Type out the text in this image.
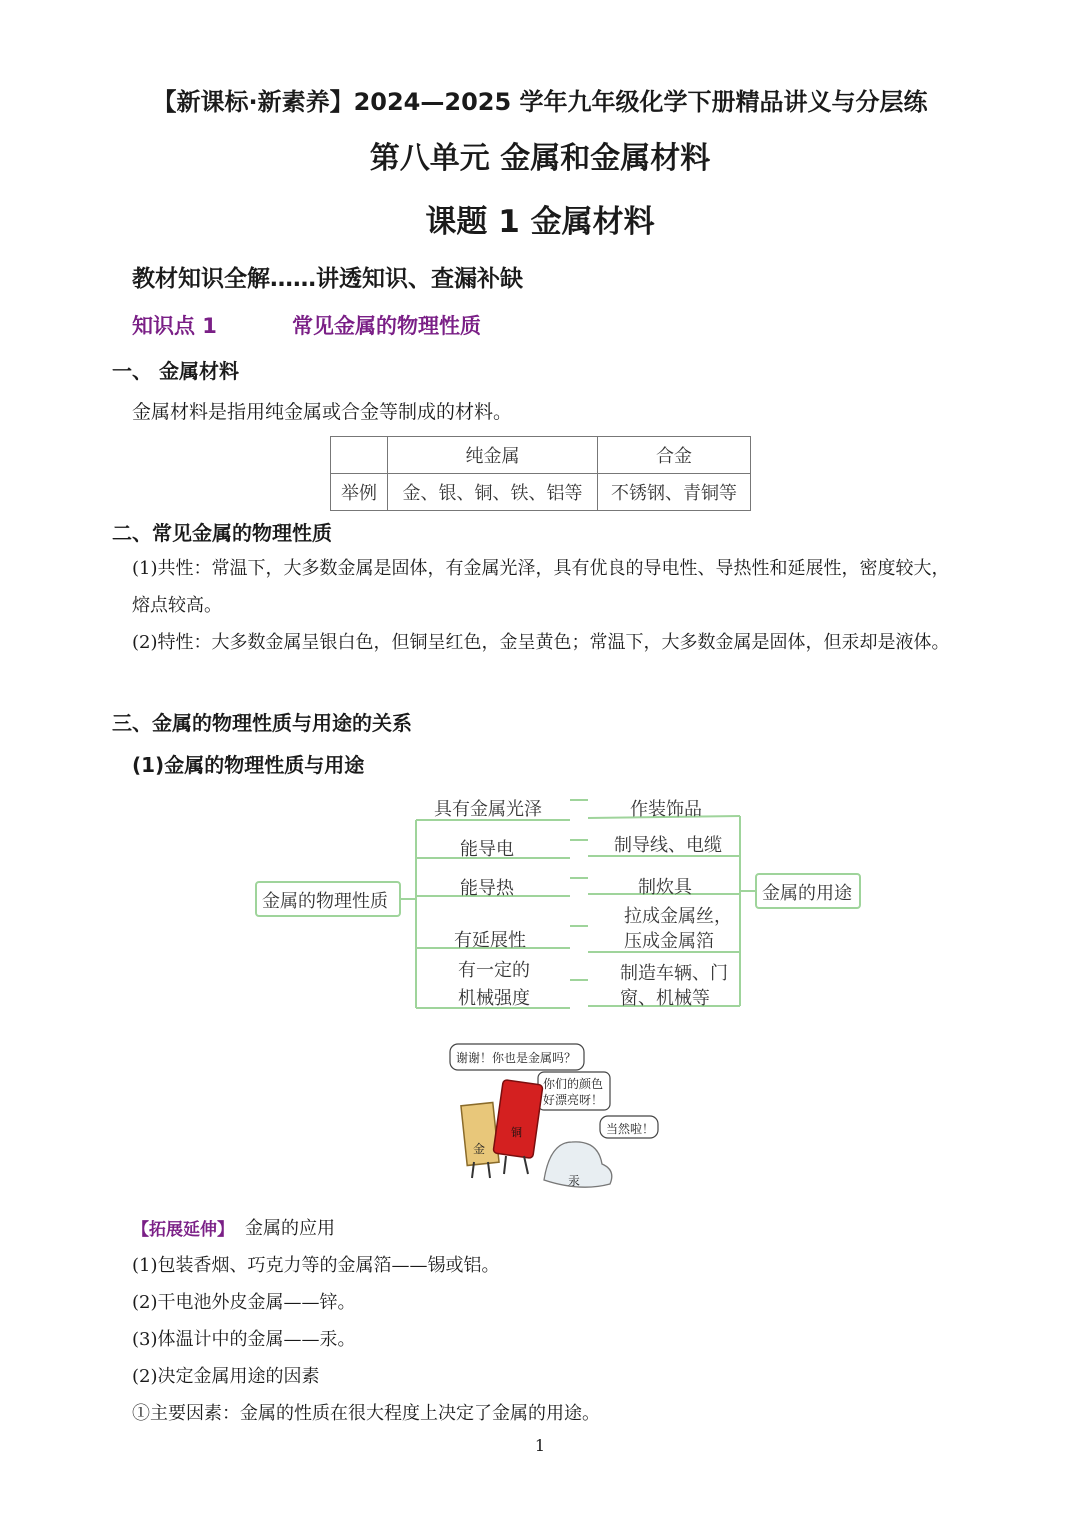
【新课标·新素养】2024—2025 学年九年级化学下册精品讲义与分层练
第八单元 金属和金属材料
课题 1 金属材料
教材知识全解……讲透知识、查漏补缺
知识点 1	常见金属的物理性质
一、 金属材料
金属材料是指用纯金属或合金等制成的材料。
	纯金属	合金
举例	金、银、铜、铁、铝等	不锈钢、青铜等
二、常见金属的物理性质
(1)共性：常温下，大多数金属是固体，有金属光泽，具有优良的导电性、导热性和延展性，密度较大，熔点较高。
(2)特性：大多数金属呈银白色，但铜呈红色，金呈黄色；常温下，大多数金属是固体，但汞却是液体。
三、金属的物理性质与用途的关系
(1)金属的物理性质与用途
金属的物理性质	金属的用途
具有金属光泽
能导电
能导热
有延展性
有一定的
机械强度
作装饰品
制导线、电缆
制炊具
拉成金属丝，
压成金属箔
制造车辆、门
窗、机械等
谢谢！你也是金属吗？
你们的颜色
好漂亮呀！
当然啦！
金
铜
汞
【拓展延伸】 金属的应用
(1)包装香烟、巧克力等的金属箔——锡或铝。
(2)干电池外皮金属——锌。
(3)体温计中的金属——汞。
(2)决定金属用途的因素
①主要因素：金属的性质在很大程度上决定了金属的用途。
1
